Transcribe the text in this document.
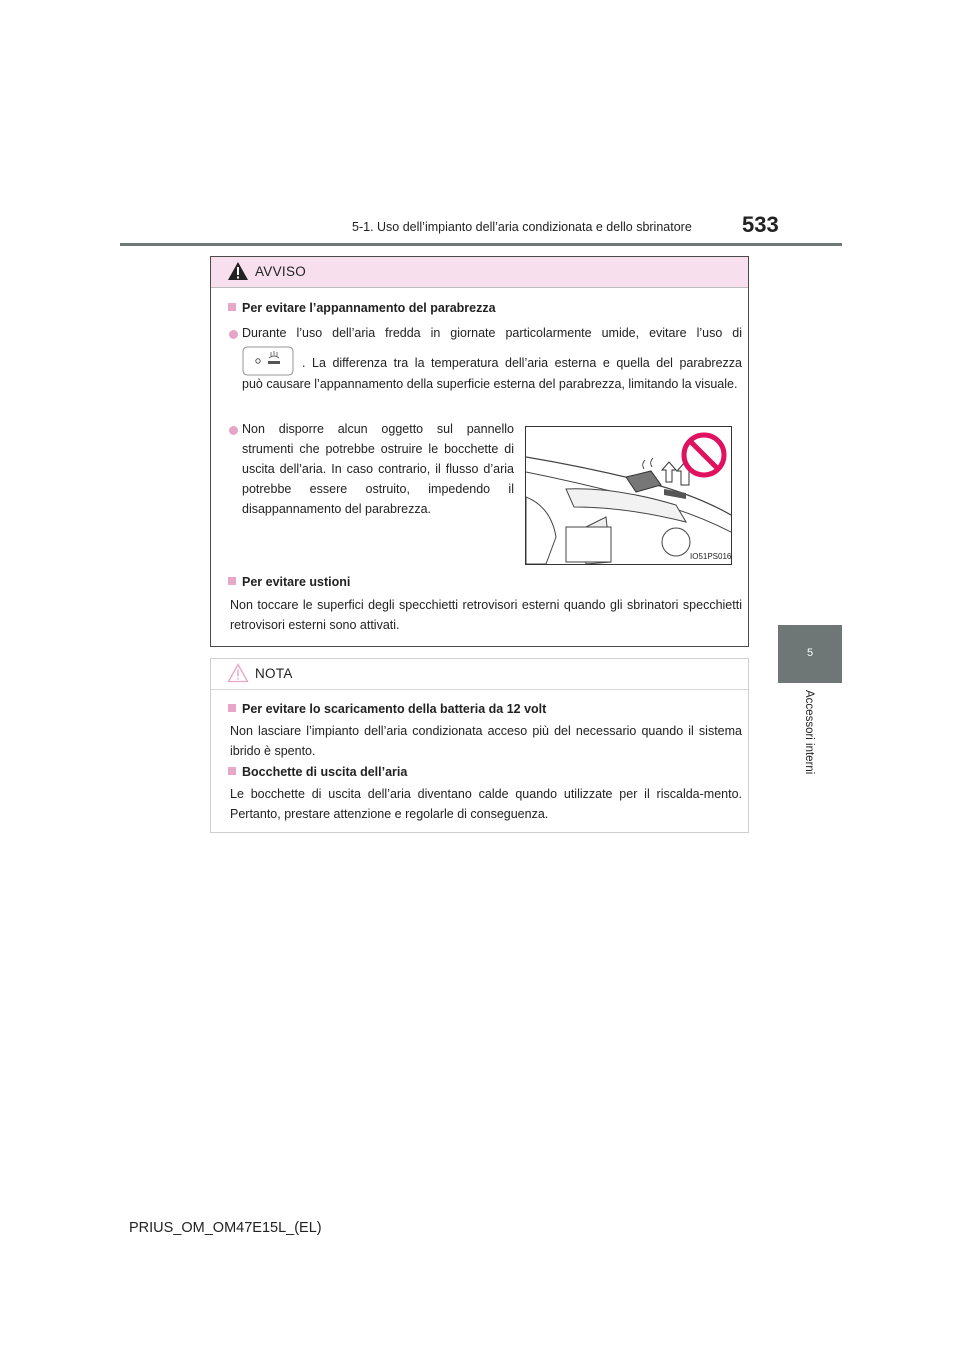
5-1. Uso dell’impianto dell’aria condizionata e dello sbrinatore 533
5
Accessori interni
AVVISO
Per evitare l’appannamento del parabrezza
Durante l’uso dell’aria fredda in giornate particolarmente umide, evitare l’uso di
. La differenza tra la temperatura dell’aria esterna e quella del parabrezza
può causare l’appannamento della superficie esterna del parabrezza, limitando la visuale.
Non disporre alcun oggetto sul pannello strumenti che potrebbe ostruire le bocchette di uscita dell’aria. In caso contrario, il flusso d’aria potrebbe essere ostruito, impedendo il disappannamento del parabrezza.
IO51PS016
Per evitare ustioni
Non toccare le superfici degli specchietti retrovisori esterni quando gli sbrinatori specchietti retrovisori esterni sono attivati.
NOTA
Per evitare lo scaricamento della batteria da 12 volt
Non lasciare l’impianto dell’aria condizionata acceso più del necessario quando il sistema ibrido è spento.
Bocchette di uscita dell’aria
Le bocchette di uscita dell’aria diventano calde quando utilizzate per il riscalda-mento. Pertanto, prestare attenzione e regolarle di conseguenza.
PRIUS_OM_OM47E15L_(EL)
